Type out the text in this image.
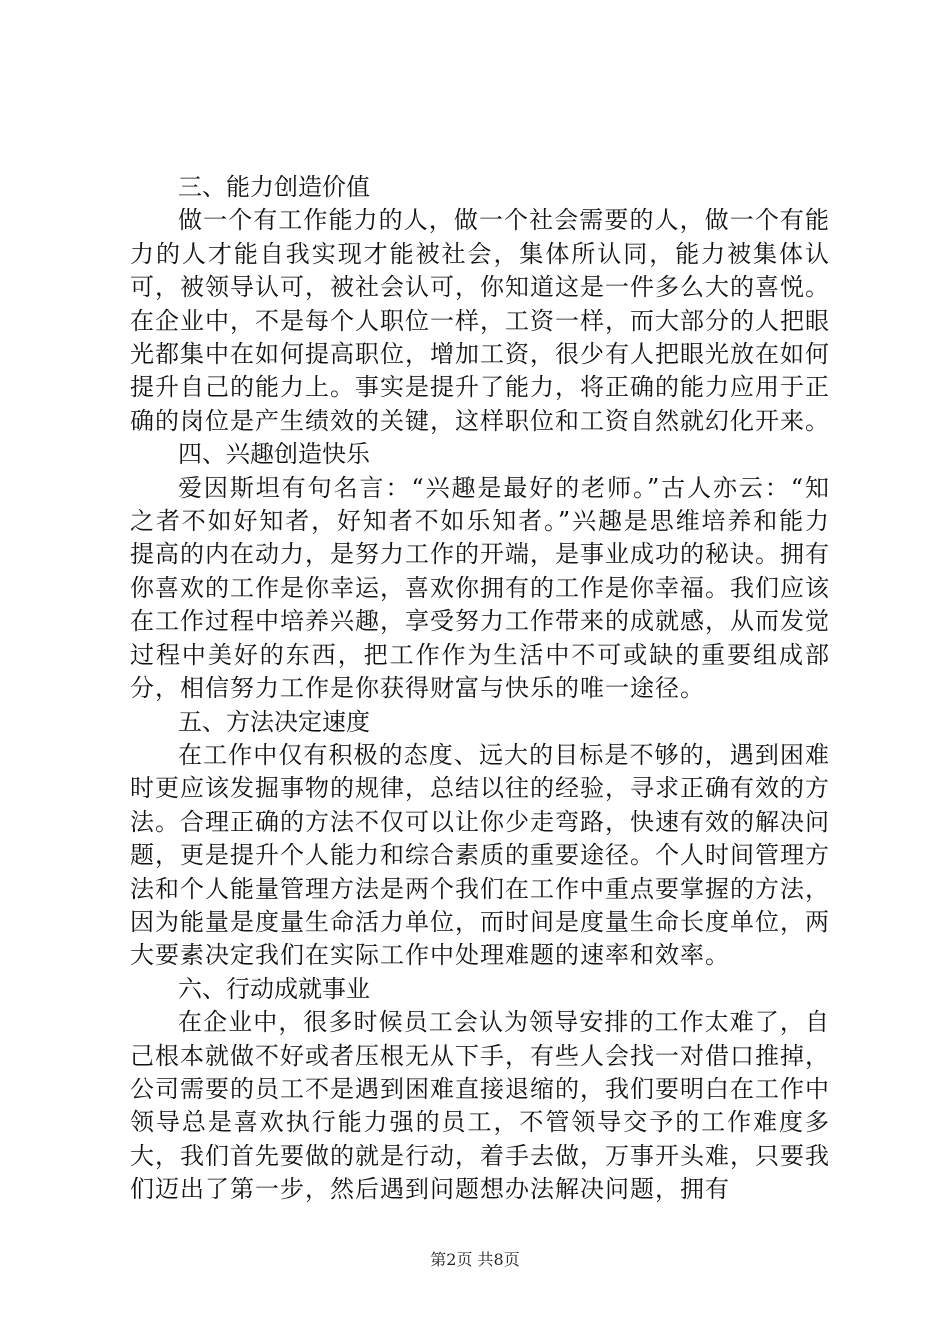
三、能力创造价值

做一个有工作能力的人，做一个社会需要的人，做一个有能力的人才能自我实现才能被社会，集体所认同，能力被集体认可，被领导认可，被社会认可，你知道这是一件多么大的喜悦。在企业中，不是每个人职位一样，工资一样，而大部分的人把眼光都集中在如何提高职位，增加工资，很少有人把眼光放在如何提升自己的能力上。事实是提升了能力，将正确的能力应用于正确的岗位是产生绩效的关键，这样职位和工资自然就幻化开来。

四、兴趣创造快乐

爱因斯坦有句名言：“兴趣是最好的老师。”古人亦云：“知之者不如好知者，好知者不如乐知者。”兴趣是思维培养和能力提高的内在动力，是努力工作的开端，是事业成功的秘诀。拥有你喜欢的工作是你幸运，喜欢你拥有的工作是你幸福。我们应该在工作过程中培养兴趣，享受努力工作带来的成就感，从而发觉过程中美好的东西，把工作作为生活中不可或缺的重要组成部分，相信努力工作是你获得财富与快乐的唯一途径。

五、方法决定速度

在工作中仅有积极的态度、远大的目标是不够的，遇到困难时更应该发掘事物的规律，总结以往的经验，寻求正确有效的方法。合理正确的方法不仅可以让你少走弯路，快速有效的解决问题，更是提升个人能力和综合素质的重要途径。个人时间管理方法和个人能量管理方法是两个我们在工作中重点要掌握的方法，因为能量是度量生命活力单位，而时间是度量生命长度单位，两大要素决定我们在实际工作中处理难题的速率和效率。

六、行动成就事业

在企业中，很多时候员工会认为领导安排的工作太难了，自己根本就做不好或者压根无从下手，有些人会找一对借口推掉，公司需要的员工不是遇到困难直接退缩的，我们要明白在工作中领导总是喜欢执行能力强的员工，不管领导交予的工作难度多大，我们首先要做的就是行动，着手去做，万事开头难，只要我们迈出了第一步，然后遇到问题想办法解决问题，拥有

第2页 共8页
